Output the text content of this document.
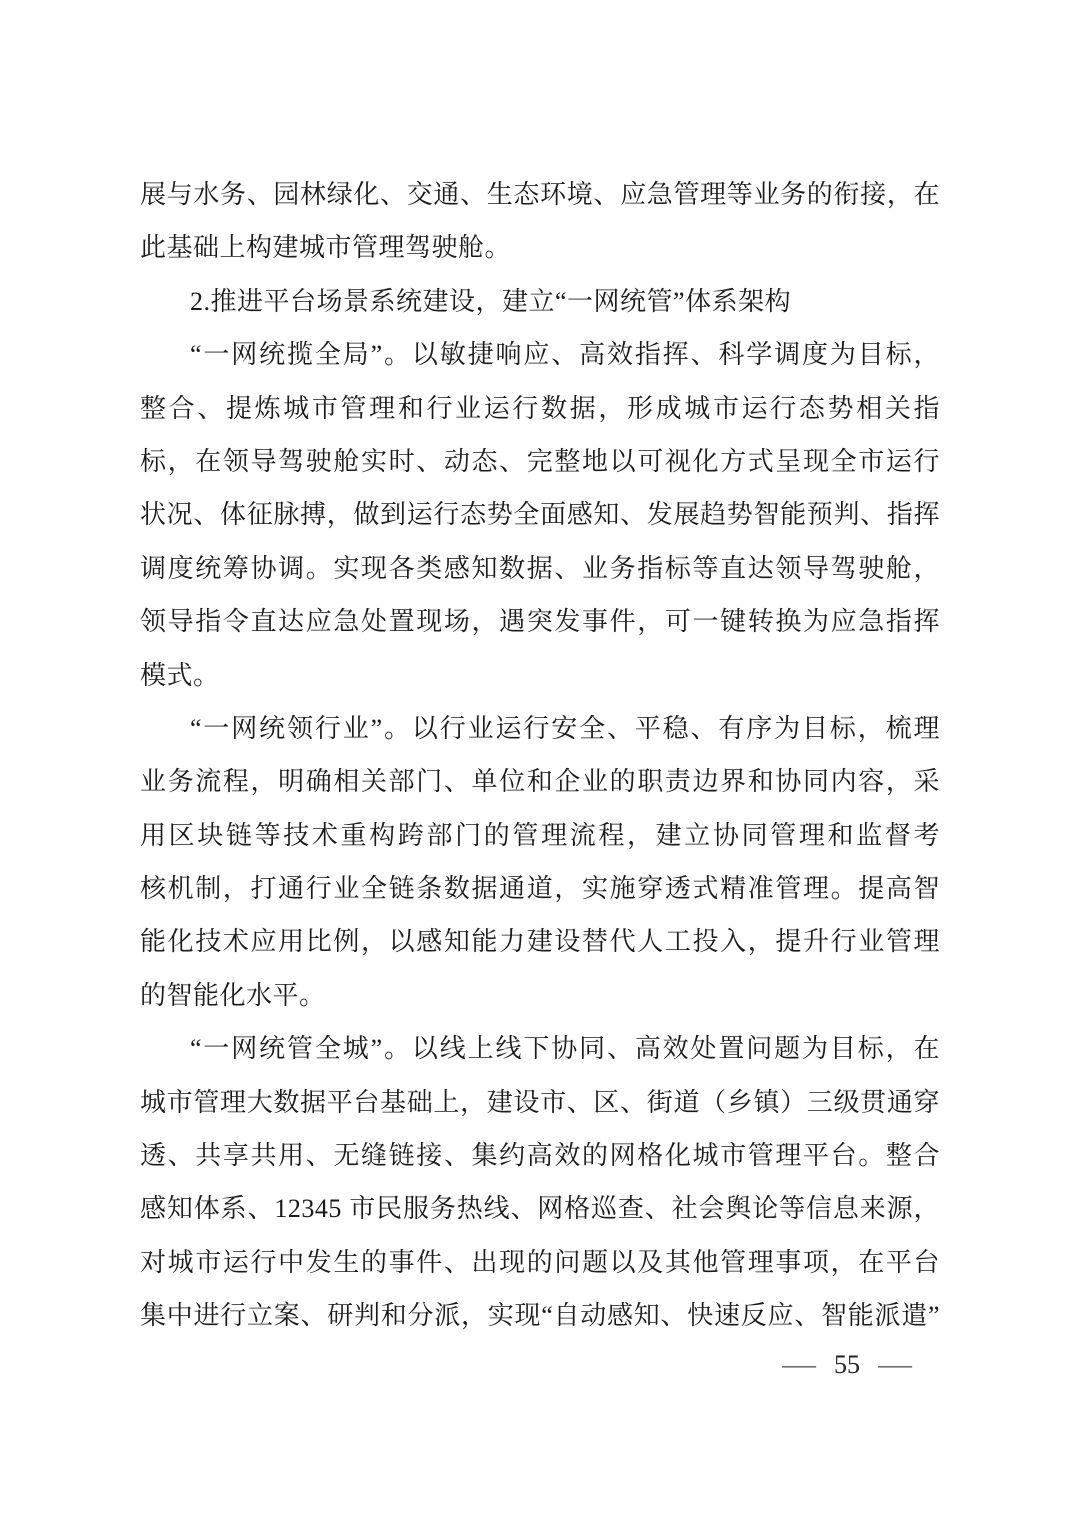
展与水务、园林绿化、交通、生态环境、应急管理等业务的衔接，在
此基础上构建城市管理驾驶舱。
2.推进平台场景系统建设，建立“一网统管”体系架构
“一网统揽全局”。以敏捷响应、高效指挥、科学调度为目标，
整合、提炼城市管理和行业运行数据，形成城市运行态势相关指
标，在领导驾驶舱实时、动态、完整地以可视化方式呈现全市运行
状况、体征脉搏，做到运行态势全面感知、发展趋势智能预判、指挥
调度统筹协调。实现各类感知数据、业务指标等直达领导驾驶舱，
领导指令直达应急处置现场，遇突发事件，可一键转换为应急指挥
模式。
“一网统领行业”。以行业运行安全、平稳、有序为目标，梳理
业务流程，明确相关部门、单位和企业的职责边界和协同内容，采
用区块链等技术重构跨部门的管理流程，建立协同管理和监督考
核机制，打通行业全链条数据通道，实施穿透式精准管理。提高智
能化技术应用比例，以感知能力建设替代人工投入，提升行业管理
的智能化水平。
“一网统管全城”。以线上线下协同、高效处置问题为目标，在
城市管理大数据平台基础上，建设市、区、街道（乡镇）三级贯通穿
透、共享共用、无缝链接、集约高效的网格化城市管理平台。整合
感知体系、12345 市民服务热线、网格巡查、社会舆论等信息来源，
对城市运行中发生的事件、出现的问题以及其他管理事项，在平台
集中进行立案、研判和分派，实现“自动感知、快速反应、智能派遣”
— 55 —
